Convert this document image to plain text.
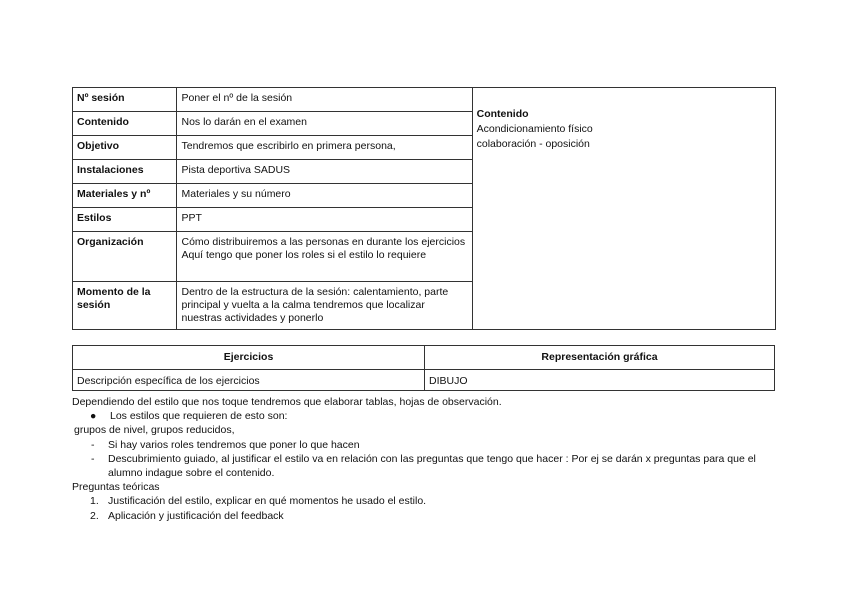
Nº sesión	Poner el nº de la sesión	Contenido
Acondicionamiento físico
colaboración - oposición

Contenido	Nos lo darán en el examen	
Objetivo	Tendremos que escribirlo en primera persona,	
Instalaciones	Pista deportiva SADUS	
Materiales y nº	Materiales y su número	
Estilos	PPT	
Organización	Cómo distribuiremos a las personas en durante los ejercicios
Aquí tengo que poner los roles si el estilo lo requiere	

Momento de la sesión	Dentro de la estructura de la sesión: calentamiento, parte principal y vuelta a la calma tendremos que localizar nuestras actividades y ponerlo	
Ejercicios	Representación gráfica
Descripción específica de los ejercicios	DIBUJO

Dependiendo del estilo que nos toque tendremos que elaborar tablas, hojas de observación.

● Los estilos que requieren de esto son:

grupos de nivel, grupos reducidos,

- Si hay varios roles tendremos que poner lo que hacen

- Descubrimiento guiado, al justificar el estilo va en relación con las preguntas que tengo que hacer : Por ej se darán x preguntas para que el alumno indague sobre el contenido.

Preguntas teóricas

1. Justificación del estilo, explicar en qué momentos he usado el estilo.

2. Aplicación y justificación del feedback
